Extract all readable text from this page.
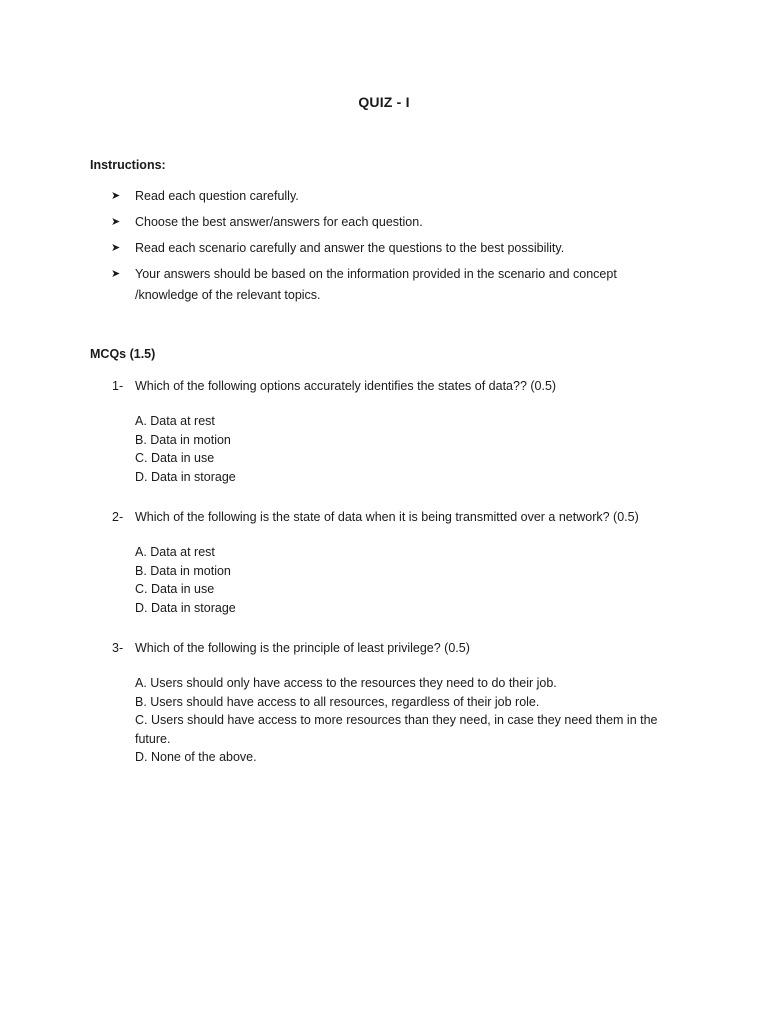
QUIZ - I
Instructions:
➤ Read each question carefully.
➤ Choose the best answer/answers for each question.
➤ Read each scenario carefully and answer the questions to the best possibility.
➤ Your answers should be based on the information provided in the scenario and concept /knowledge of the relevant topics.
MCQs (1.5)
1- Which of the following options accurately identifies the states of data?? (0.5)
A. Data at rest
B. Data in motion
C. Data in use
D. Data in storage
2- Which of the following is the state of data when it is being transmitted over a network? (0.5)
A. Data at rest
B. Data in motion
C. Data in use
D. Data in storage
3- Which of the following is the principle of least privilege? (0.5)
A. Users should only have access to the resources they need to do their job.
B. Users should have access to all resources, regardless of their job role.
C. Users should have access to more resources than they need, in case they need them in the future.
D. None of the above.
